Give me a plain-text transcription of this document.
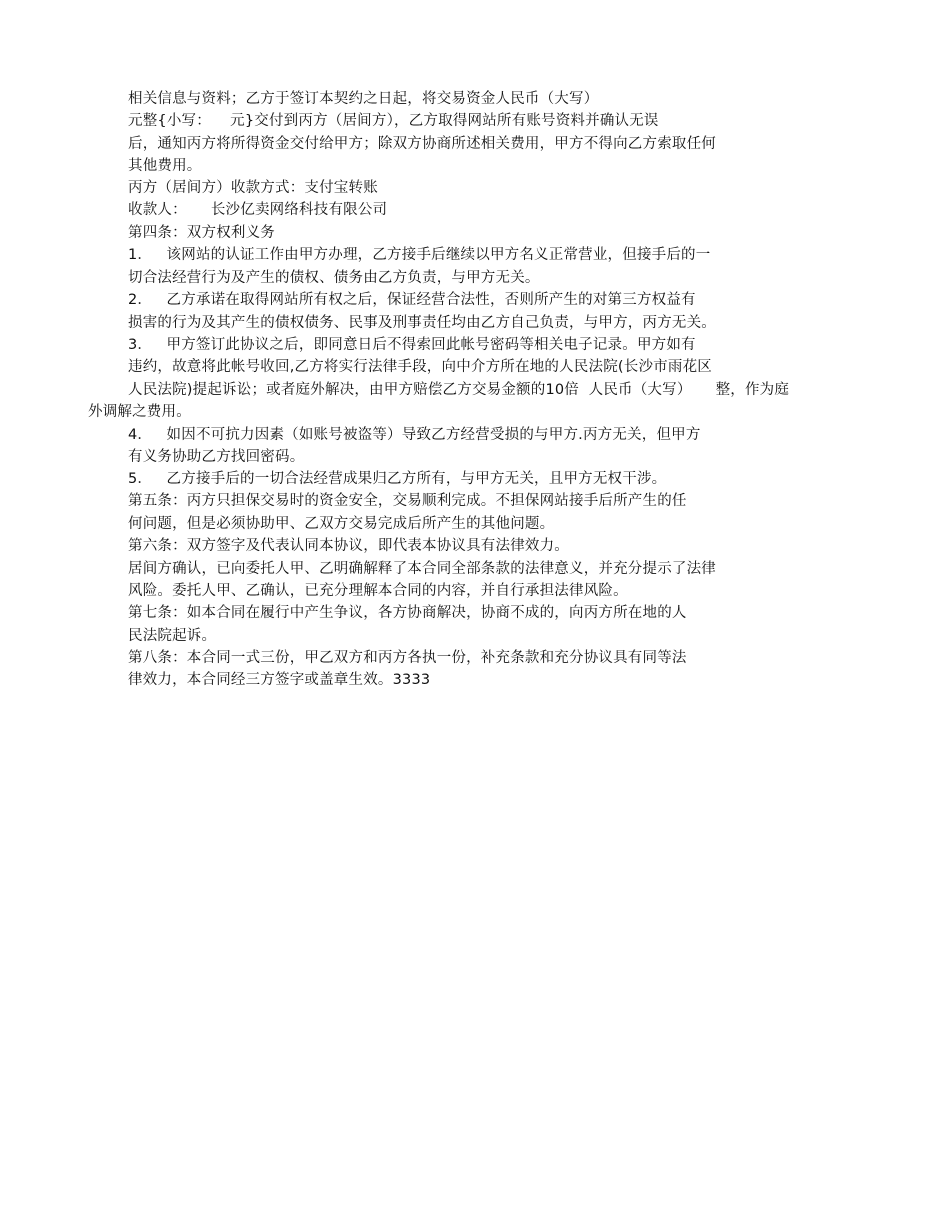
相关信息与资料；乙方于签订本契约之日起，将交易资金人民币（大写）
元整{小写：    元}交付到丙方（居间方），乙方取得网站所有账号资料并确认无误
后，通知丙方将所得资金交付给甲方；除双方协商所述相关费用，甲方不得向乙方索取任何
其他费用。
丙方（居间方）收款方式：支付宝转账
收款人：     长沙亿卖网络科技有限公司
第四条：双方权利义务
1．   该网站的认证工作由甲方办理，乙方接手后继续以甲方名义正常营业，但接手后的一
切合法经营行为及产生的债权、债务由乙方负责，与甲方无关。
2．   乙方承诺在取得网站所有权之后，保证经营合法性，否则所产生的对第三方权益有
损害的行为及其产生的债权债务、民事及刑事责任均由乙方自己负责，与甲方，丙方无关。
3．   甲方签订此协议之后，即同意日后不得索回此帐号密码等相关电子记录。甲方如有
违约，故意将此帐号收回,乙方将实行法律手段，向中介方所在地的人民法院(长沙市雨花区
人民法院)提起诉讼；或者庭外解决，由甲方赔偿乙方交易金额的10倍  人民币（大写）     整，作为庭
外调解之费用。
4．   如因不可抗力因素（如账号被盗等）导致乙方经营受损的与甲方.丙方无关，但甲方
有义务协助乙方找回密码。
5．   乙方接手后的一切合法经营成果归乙方所有，与甲方无关，且甲方无权干涉。
第五条：丙方只担保交易时的资金安全，交易顺利完成。不担保网站接手后所产生的任
何问题，但是必须协助甲、乙双方交易完成后所产生的其他问题。
第六条：双方签字及代表认同本协议，即代表本协议具有法律效力。
居间方确认，已向委托人甲、乙明确解释了本合同全部条款的法律意义，并充分提示了法律
风险。委托人甲、乙确认，已充分理解本合同的内容，并自行承担法律风险。
第七条：如本合同在履行中产生争议，各方协商解决，协商不成的，向丙方所在地的人
民法院起诉。
第八条：本合同一式三份，甲乙双方和丙方各执一份，补充条款和充分协议具有同等法
律效力，本合同经三方签字或盖章生效。3333
